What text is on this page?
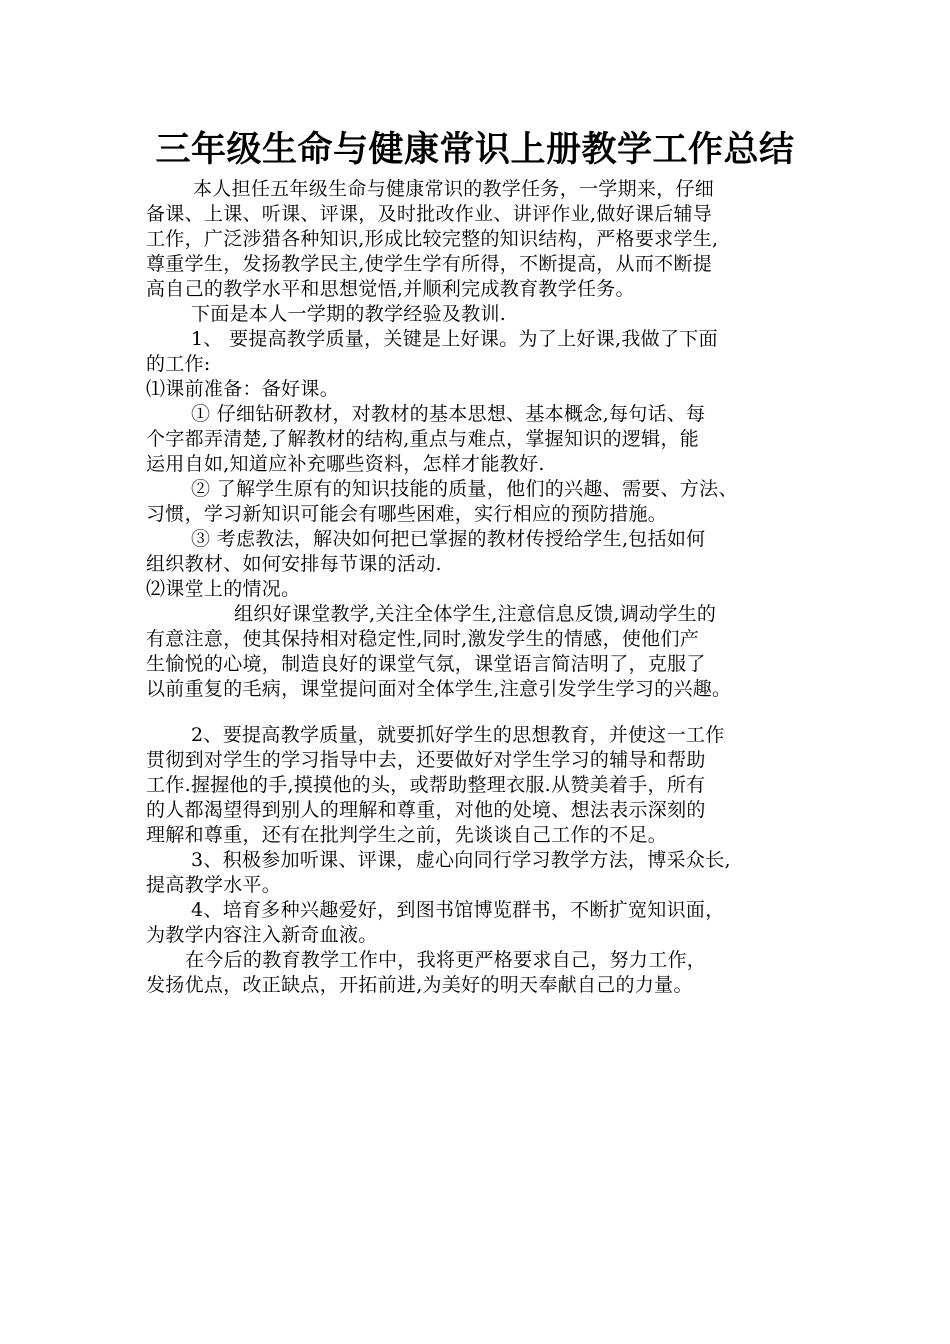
三年级生命与健康常识上册教学工作总结
本人担任五年级生命与健康常识的教学任务，一学期来，仔细
备课、上课、听课、评课，及时批改作业、讲评作业,做好课后辅导
工作，广泛涉猎各种知识,形成比较完整的知识结构，严格要求学生,
尊重学生，发扬教学民主,使学生学有所得，不断提高，从而不断提
高自己的教学水平和思想觉悟,并顺利完成教育教学任务。
下面是本人一学期的教学经验及教训.
1、 要提高教学质量，关键是上好课。为了上好课,我做了下面
的工作:
⑴课前准备：备好课。
① 仔细钻研教材，对教材的基本思想、基本概念,每句话、每
个字都弄清楚,了解教材的结构,重点与难点，掌握知识的逻辑，能
运用自如,知道应补充哪些资料，怎样才能教好.
② 了解学生原有的知识技能的质量，他们的兴趣、需要、方法、
习惯，学习新知识可能会有哪些困难，实行相应的预防措施。
③ 考虑教法，解决如何把已掌握的教材传授给学生,包括如何
组织教材、如何安排每节课的活动.
⑵课堂上的情况。
组织好课堂教学,关注全体学生,注意信息反馈,调动学生的
有意注意，使其保持相对稳定性,同时,激发学生的情感，使他们产
生愉悦的心境，制造良好的课堂气氛，课堂语言简洁明了，克服了
以前重复的毛病，课堂提问面对全体学生,注意引发学生学习的兴趣。
2、要提高教学质量，就要抓好学生的思想教育，并使这一工作
贯彻到对学生的学习指导中去，还要做好对学生学习的辅导和帮助
工作.握握他的手,摸摸他的头，或帮助整理衣服.从赞美着手，所有
的人都渴望得到别人的理解和尊重，对他的处境、想法表示深刻的
理解和尊重，还有在批判学生之前，先谈谈自己工作的不足。
3、积极参加听课、评课，虚心向同行学习教学方法，博采众长,
提高教学水平。
4、培育多种兴趣爱好，到图书馆博览群书，不断扩宽知识面，
为教学内容注入新奇血液。
在今后的教育教学工作中，我将更严格要求自己，努力工作，
发扬优点，改正缺点，开拓前进,为美好的明天奉献自己的力量。
